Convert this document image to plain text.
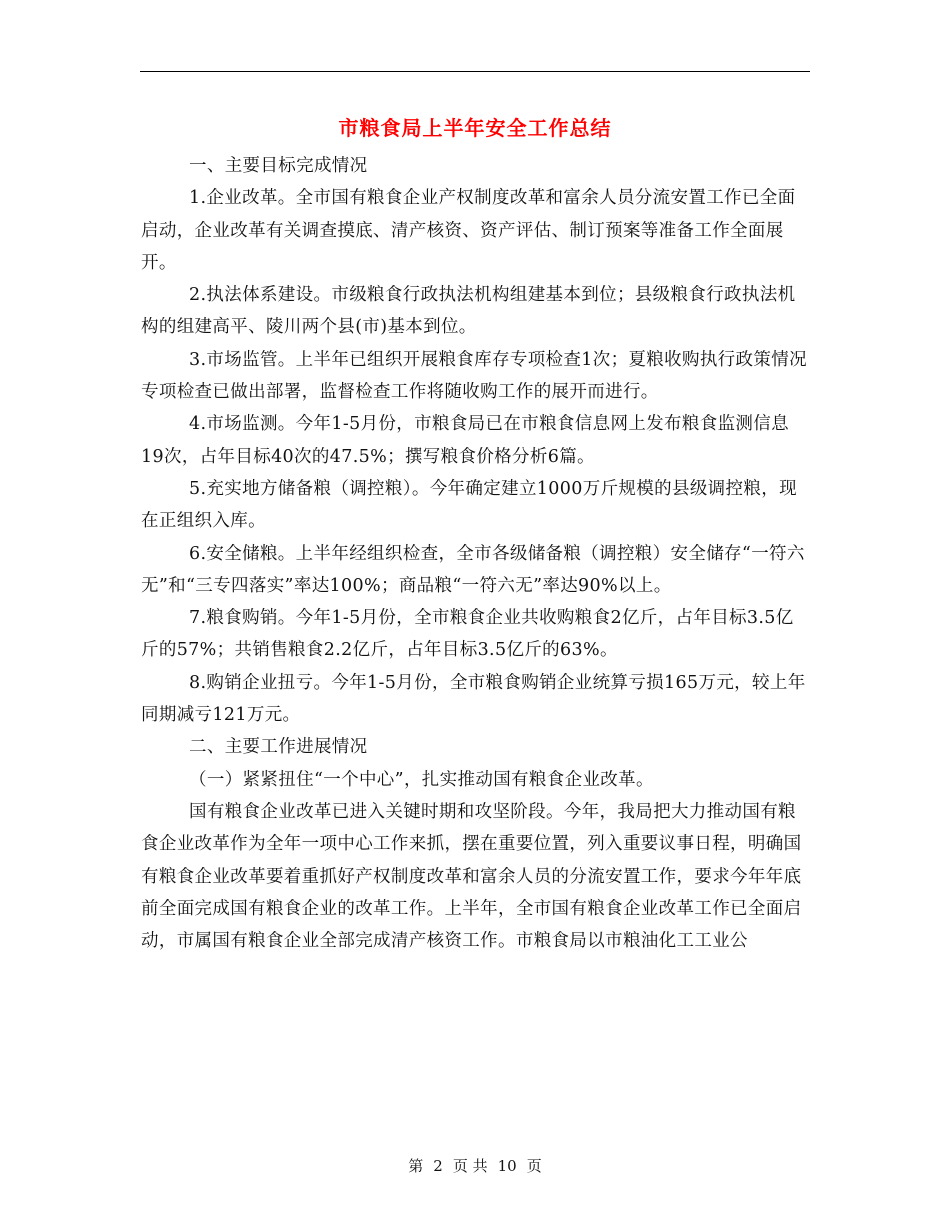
市粮食局上半年安全工作总结

一、主要目标完成情况

1.企业改革。全市国有粮食企业产权制度改革和富余人员分流安置工作已全面启动，企业改革有关调查摸底、清产核资、资产评估、制订预案等准备工作全面展开。

2.执法体系建设。市级粮食行政执法机构组建基本到位；县级粮食行政执法机构的组建高平、陵川两个县(市)基本到位。

3.市场监管。上半年已组织开展粮食库存专项检查1次；夏粮收购执行政策情况专项检查已做出部署，监督检查工作将随收购工作的展开而进行。

4.市场监测。今年1-5月份，市粮食局已在市粮食信息网上发布粮食监测信息19次，占年目标40次的47.5%；撰写粮食价格分析6篇。

5.充实地方储备粮（调控粮）。今年确定建立1000万斤规模的县级调控粮，现在正组织入库。

6.安全储粮。上半年经组织检查，全市各级储备粮（调控粮）安全储存“一符六无”和“三专四落实”率达100%；商品粮“一符六无”率达90%以上。

7.粮食购销。今年1-5月份，全市粮食企业共收购粮食2亿斤，占年目标3.5亿斤的57%；共销售粮食2.2亿斤，占年目标3.5亿斤的63%。

8.购销企业扭亏。今年1-5月份，全市粮食购销企业统算亏损165万元，较上年同期减亏121万元。

二、主要工作进展情况

（一）紧紧扭住“一个中心”，扎实推动国有粮食企业改革。

国有粮食企业改革已进入关键时期和攻坚阶段。今年，我局把大力推动国有粮食企业改革作为全年一项中心工作来抓，摆在重要位置，列入重要议事日程，明确国有粮食企业改革要着重抓好产权制度改革和富余人员的分流安置工作，要求今年年底前全面完成国有粮食企业的改革工作。上半年，全市国有粮食企业改革工作已全面启动，市属国有粮食企业全部完成清产核资工作。市粮食局以市粮油化工工业公

第 2 页 共 10 页
